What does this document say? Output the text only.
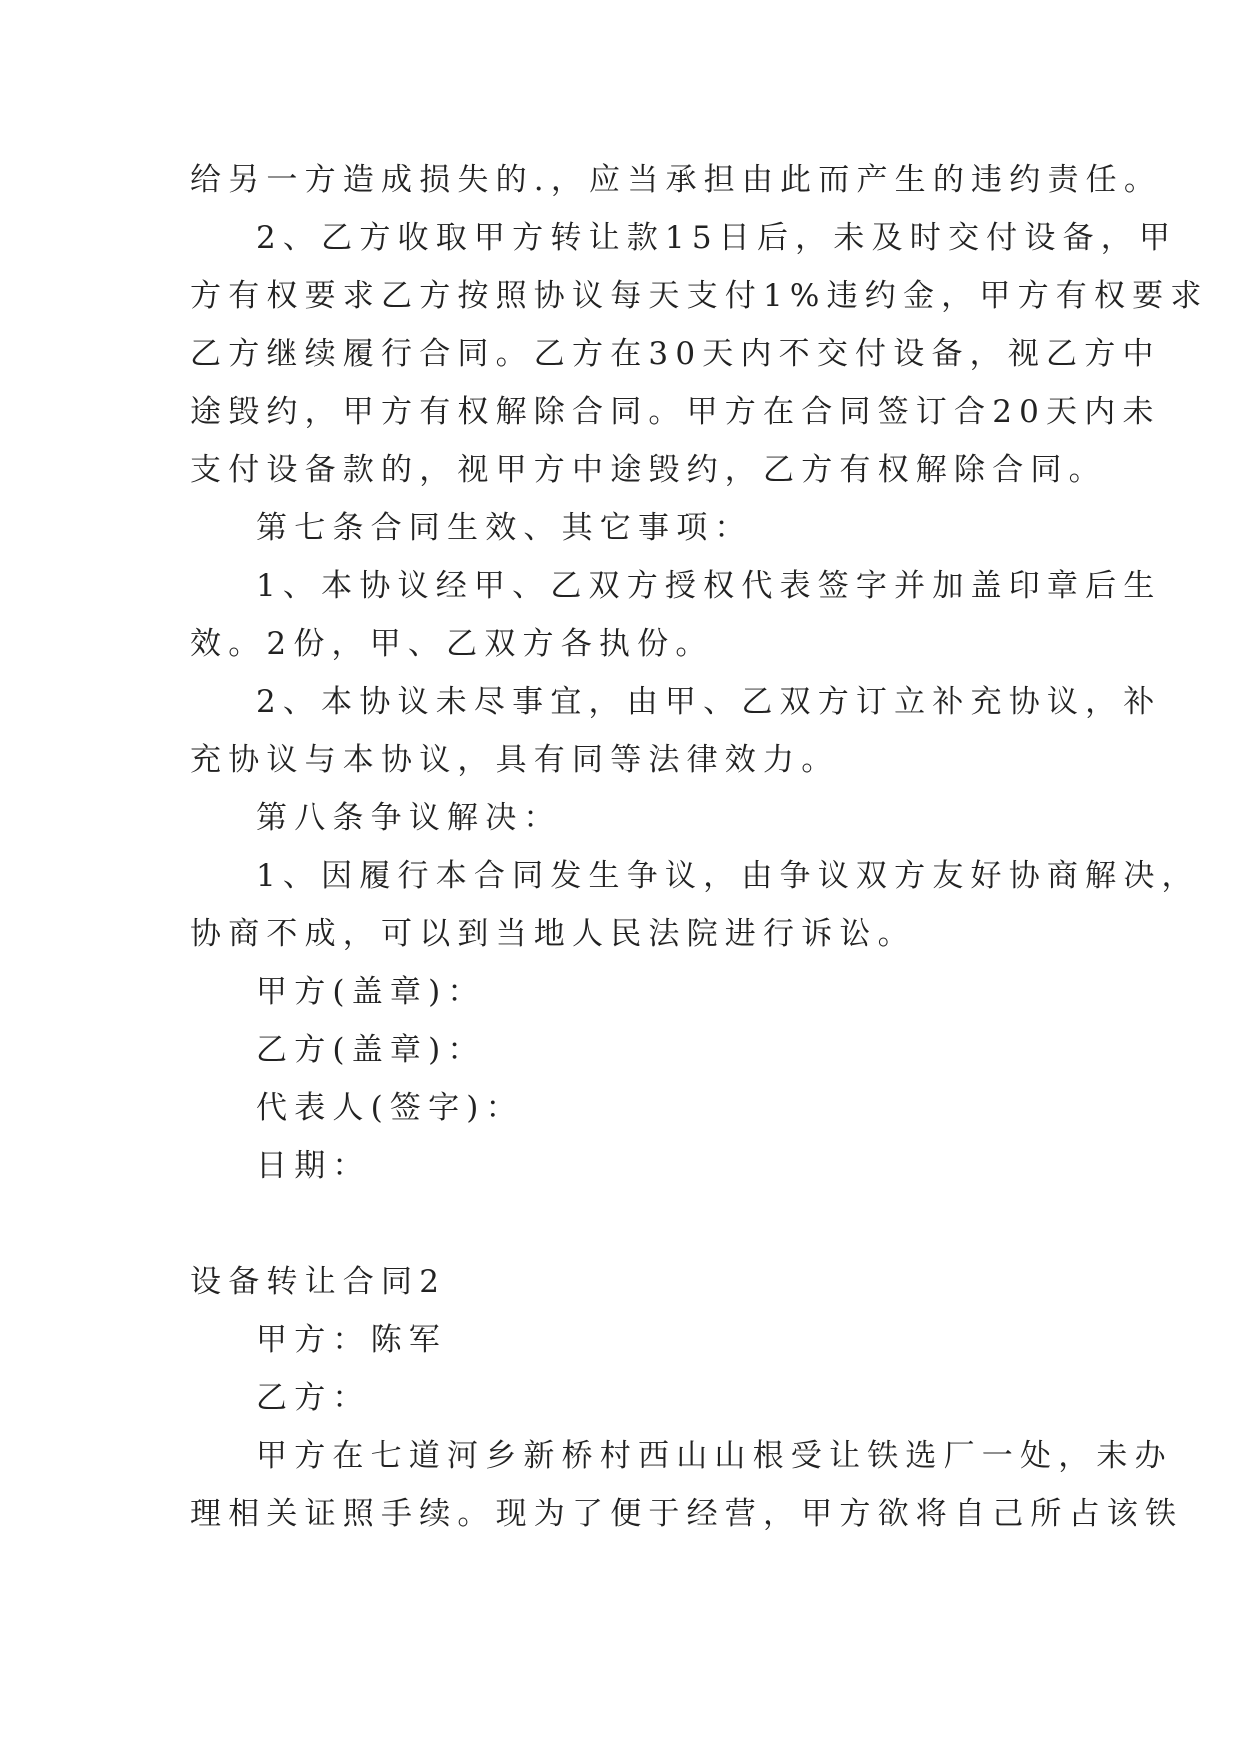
给另一方造成损失的.，应当承担由此而产生的违约责任。
2、乙方收取甲方转让款15日后，未及时交付设备，甲
方有权要求乙方按照协议每天支付1%违约金，甲方有权要求
乙方继续履行合同。乙方在30天内不交付设备，视乙方中
途毁约，甲方有权解除合同。甲方在合同签订合20天内未
支付设备款的，视甲方中途毁约，乙方有权解除合同。
第七条合同生效、其它事项：
1、本协议经甲、乙双方授权代表签字并加盖印章后生
效。2份，甲、乙双方各执份。
2、本协议未尽事宜，由甲、乙双方订立补充协议，补
充协议与本协议，具有同等法律效力。
第八条争议解决：
1、因履行本合同发生争议，由争议双方友好协商解决，
协商不成，可以到当地人民法院进行诉讼。
甲方(盖章)：
乙方(盖章)：
代表人(签字)：
日期：
设备转让合同2
甲方：陈军
乙方：
甲方在七道河乡新桥村西山山根受让铁选厂一处，未办
理相关证照手续。现为了便于经营，甲方欲将自己所占该铁
